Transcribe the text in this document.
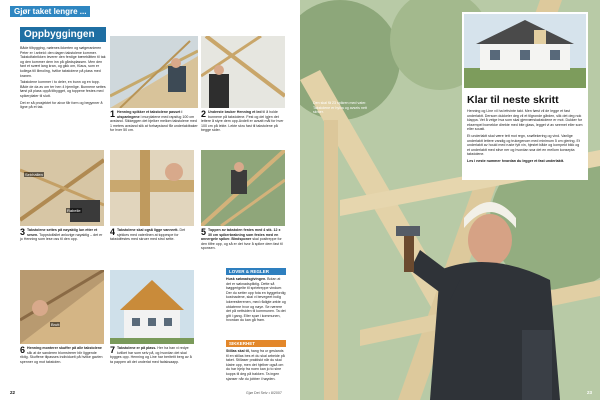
Gjør taket lengre ...
Oppbyggingen

Både tilbygging, nøtenes ikkerten og søtgeranieren Peter er i arbeid: den dagen takstolene kommer. Takstolfabrikken leverer den ferdige bærebåtten til tak og den kommer dem inn på gårdsplassen. Men den fant et svært lang kran, og gikk om, Klaus, som er kollega till lilmoling, hvilke takstolene på plass med kranen.

Takstolene kommer i to deler, en bunn og en topp. Både de da av om ter hen 4 hjemlige. Bunnene settes først på plass oppå tilbygget, og toppene festes med spikerplater til slutt.

Det er så prosjektet for alvor får form og begynner å ligne på et tak.

1 Henning spikker et takstolene passet i utsparingene i murplatene med rapsfug 100 cm avstand. Sikkeggen det bjelker mellom takstolene med 1 meters avstand slik at forhøystand får underlaktbaker for hver 50 cm.
2 Underste bruker Henning et led til å holde bunnene på takstolene. Fest og del igjen det lettere å styre dem opp.Avdelt er avsatt mål for hver 100 cm på lekte. Lekte skru fast til takstolene på begge sider.
Sebhallen
Rabelle
3 Takstolene settes på nøyaktig lun etter et sesen. Toppstolfallet anlovige nøyaktig – det er jo Henning som lese oss til den opp.
4 Takstolene skal også ligge vannrett. Det sjekkes med vaterlinen at toppespe for takstolfestes med skruer med strol sette.
5 Toppen av takstolen festes med 4 stk. 12 x 30 cm spikerbrakning som festes med en annergele spiker. Bindsponer skal positreppe for den tilfre opp, og så er det hvor å spikre dem fast til sponsen.
Brutt
6 Henning monterer skuffer på alle takstolene slik at de sanderen blomstrerer blir liggende riktig. Skuffene tilpasses individuelt på hvilke gavlen spenner og mot takstolen.
7 Takstolene er på plass. Her ha han vi redye kvilket har som selv på, og hvordan det skal bygges opp. Henning og Line har beritetit berg av å ta pappen alt det underlat med fadsksaapp.
LOVER & REGLER
Husk søknadsgivingen. Bolan at det er søknadspliktig. Dette så bøggerigelte til sprietreppe vinduer. Der du setter opp fota en byggefordig kostnadene, skal vi bevegeet bolig lokeresiterenen, med rådigte ørkte og utdaterne hvor og nøye. Se nærere det på nettsiden til kommunen. Ta det gitt i gang. Eller spør i kommunen, hvordan du kan gå fram.
SIKKERHET
Stillas skal til, hang fra ur geslands til en stillas bes et du skal arbeide på taket. Stillaser praktiskt når du skal klatre opp, men det hjelber også om du har hjelp fra noen kan jo to sine kopps til deg på bakken. Ta ingen sjanser når du jobber i høyden.
22	Gjør Det Selv • 8/2007
Den skal få 23 spikren med vater. Takstolene er hylva og avseis nett skruer.
Klar til neste skritt

Henning og Line vil ha lettvinte takt. Men først vil de legge et fast underlaktt. Dersom dukkeler deg vil et tilgronde gården, slik det deg nok klappa. Vet å velge hva som skal gjenværskakstolene er mot. Dukker for eksempel bomekke direkte med bite glass, legget vi av seemet eller som eller sousti.

Et underlaktt skal være tett mot regn, snøflekering og vind. Vanlige underlaktt lettere vandig og trukegenom med minimum 5 cm glering. Et underlaktt av hould med ruste fytt vin, hjestet både og kompekt bikk og et underlaktt med stive ner og hvordan snø det en mellom konsepta takstolene.

Les i neste nummer hvordan du legger et fast underlaktt.

23
